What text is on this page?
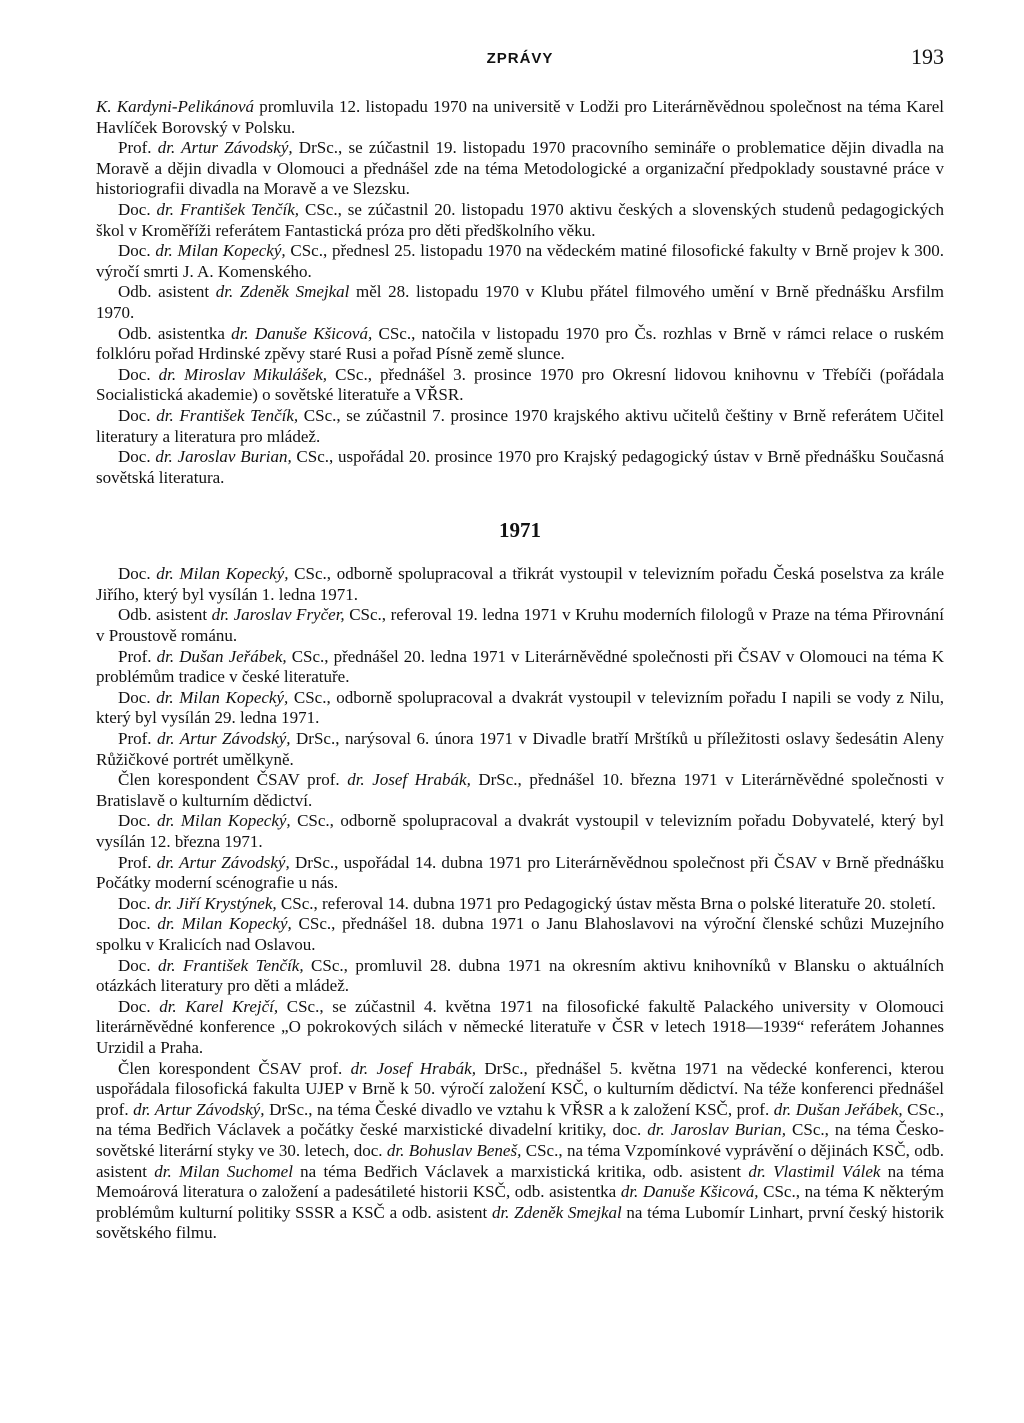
ZPRÁVY	193

K. Kardyni-Pelikánová promluvila 12. listopadu 1970 na universitě v Lodži pro Literárněvědnou společnost na téma Karel Havlíček Borovský v Polsku.

Prof. dr. Artur Závodský, DrSc., se zúčastnil 19. listopadu 1970 pracovního semináře o problematice dějin divadla na Moravě a dějin divadla v Olomouci a přednášel zde na téma Metodologické a organizační předpoklady soustavné práce v historiografii divadla na Moravě a ve Slezsku.

Doc. dr. František Tenčík, CSc., se zúčastnil 20. listopadu 1970 aktivu českých a slovenských studenů pedagogických škol v Kroměříži referátem Fantastická próza pro děti předškolního věku.

Doc. dr. Milan Kopecký, CSc., přednesl 25. listopadu 1970 na vědeckém matiné filosofické fakulty v Brně projev k 300. výročí smrti J. A. Komenského.

Odb. asistent dr. Zdeněk Smejkal měl 28. listopadu 1970 v Klubu přátel filmového umění v Brně přednášku Arsfilm 1970.

Odb. asistentka dr. Danuše Kšicová, CSc., natočila v listopadu 1970 pro Čs. rozhlas v Brně v rámci relace o ruském folklóru pořad Hrdinské zpěvy staré Rusi a pořad Písně země slunce.

Doc. dr. Miroslav Mikulášek, CSc., přednášel 3. prosince 1970 pro Okresní lidovou knihovnu v Třebíči (pořádala Socialistická akademie) o sovětské literatuře a VŘSR.

Doc. dr. František Tenčík, CSc., se zúčastnil 7. prosince 1970 krajského aktivu učitelů češtiny v Brně referátem Učitel literatury a literatura pro mládež.

Doc. dr. Jaroslav Burian, CSc., uspořádal 20. prosince 1970 pro Krajský pedagogický ústav v Brně přednášku Současná sovětská literatura.

1971

Doc. dr. Milan Kopecký, CSc., odborně spolupracoval a třikrát vystoupil v televizním pořadu Česká poselstva za krále Jiřího, který byl vysílán 1. ledna 1971.

Odb. asistent dr. Jaroslav Fryčer, CSc., referoval 19. ledna 1971 v Kruhu moderních filologů v Praze na téma Přirovnání v Proustově románu.

Prof. dr. Dušan Jeřábek, CSc., přednášel 20. ledna 1971 v Literárněvědné společnosti při ČSAV v Olomouci na téma K problémům tradice v české literatuře.

Doc. dr. Milan Kopecký, CSc., odborně spolupracoval a dvakrát vystoupil v televizním pořadu I napili se vody z Nilu, který byl vysílán 29. ledna 1971.

Prof. dr. Artur Závodský, DrSc., narýsoval 6. února 1971 v Divadle bratří Mrštíků u příležitosti oslavy šedesátin Aleny Růžičkové portrét umělkyně.

Člen korespondent ČSAV prof. dr. Josef Hrabák, DrSc., přednášel 10. března 1971 v Literárněvědné společnosti v Bratislavě o kulturním dědictví.

Doc. dr. Milan Kopecký, CSc., odborně spolupracoval a dvakrát vystoupil v televizním pořadu Dobyvatelé, který byl vysílán 12. března 1971.

Prof. dr. Artur Závodský, DrSc., uspořádal 14. dubna 1971 pro Literárněvědnou společnost při ČSAV v Brně přednášku Počátky moderní scénografie u nás.

Doc. dr. Jiří Krystýnek, CSc., referoval 14. dubna 1971 pro Pedagogický ústav města Brna o polské literatuře 20. století.

Doc. dr. Milan Kopecký, CSc., přednášel 18. dubna 1971 o Janu Blahoslavovi na výroční členské schůzi Muzejního spolku v Kralicích nad Oslavou.

Doc. dr. František Tenčík, CSc., promluvil 28. dubna 1971 na okresním aktivu knihovníků v Blansku o aktuálních otázkách literatury pro děti a mládež.

Doc. dr. Karel Krejčí, CSc., se zúčastnil 4. května 1971 na filosofické fakultě Palackého university v Olomouci literárněvědné konference „O pokrokových silách v německé literatuře v ČSR v letech 1918—1939“ referátem Johannes Urzidil a Praha.

Člen korespondent ČSAV prof. dr. Josef Hrabák, DrSc., přednášel 5. května 1971 na vědecké konferenci, kterou uspořádala filosofická fakulta UJEP v Brně k 50. výročí založení KSČ, o kulturním dědictví. Na téže konferenci přednášel prof. dr. Artur Závodský, DrSc., na téma České divadlo ve vztahu k VŘSR a k založení KSČ, prof. dr. Dušan Jeřábek, CSc., na téma Bedřich Václavek a počátky české marxistické divadelní kritiky, doc. dr. Jaroslav Burian, CSc., na téma Česko-sovětské literární styky ve 30. letech, doc. dr. Bohuslav Beneš, CSc., na téma Vzpomínkové vyprávění o dějinách KSČ, odb. asistent dr. Milan Suchomel na téma Bedřich Václavek a marxistická kritika, odb. asistent dr. Vlastimil Válek na téma Memoárová literatura o založení a padesátileté historii KSČ, odb. asistentka dr. Danuše Kšicová, CSc., na téma K některým problémům kulturní politiky SSSR a KSČ a odb. asistent dr. Zdeněk Smejkal na téma Lubomír Linhart, první český historik sovětského filmu.
